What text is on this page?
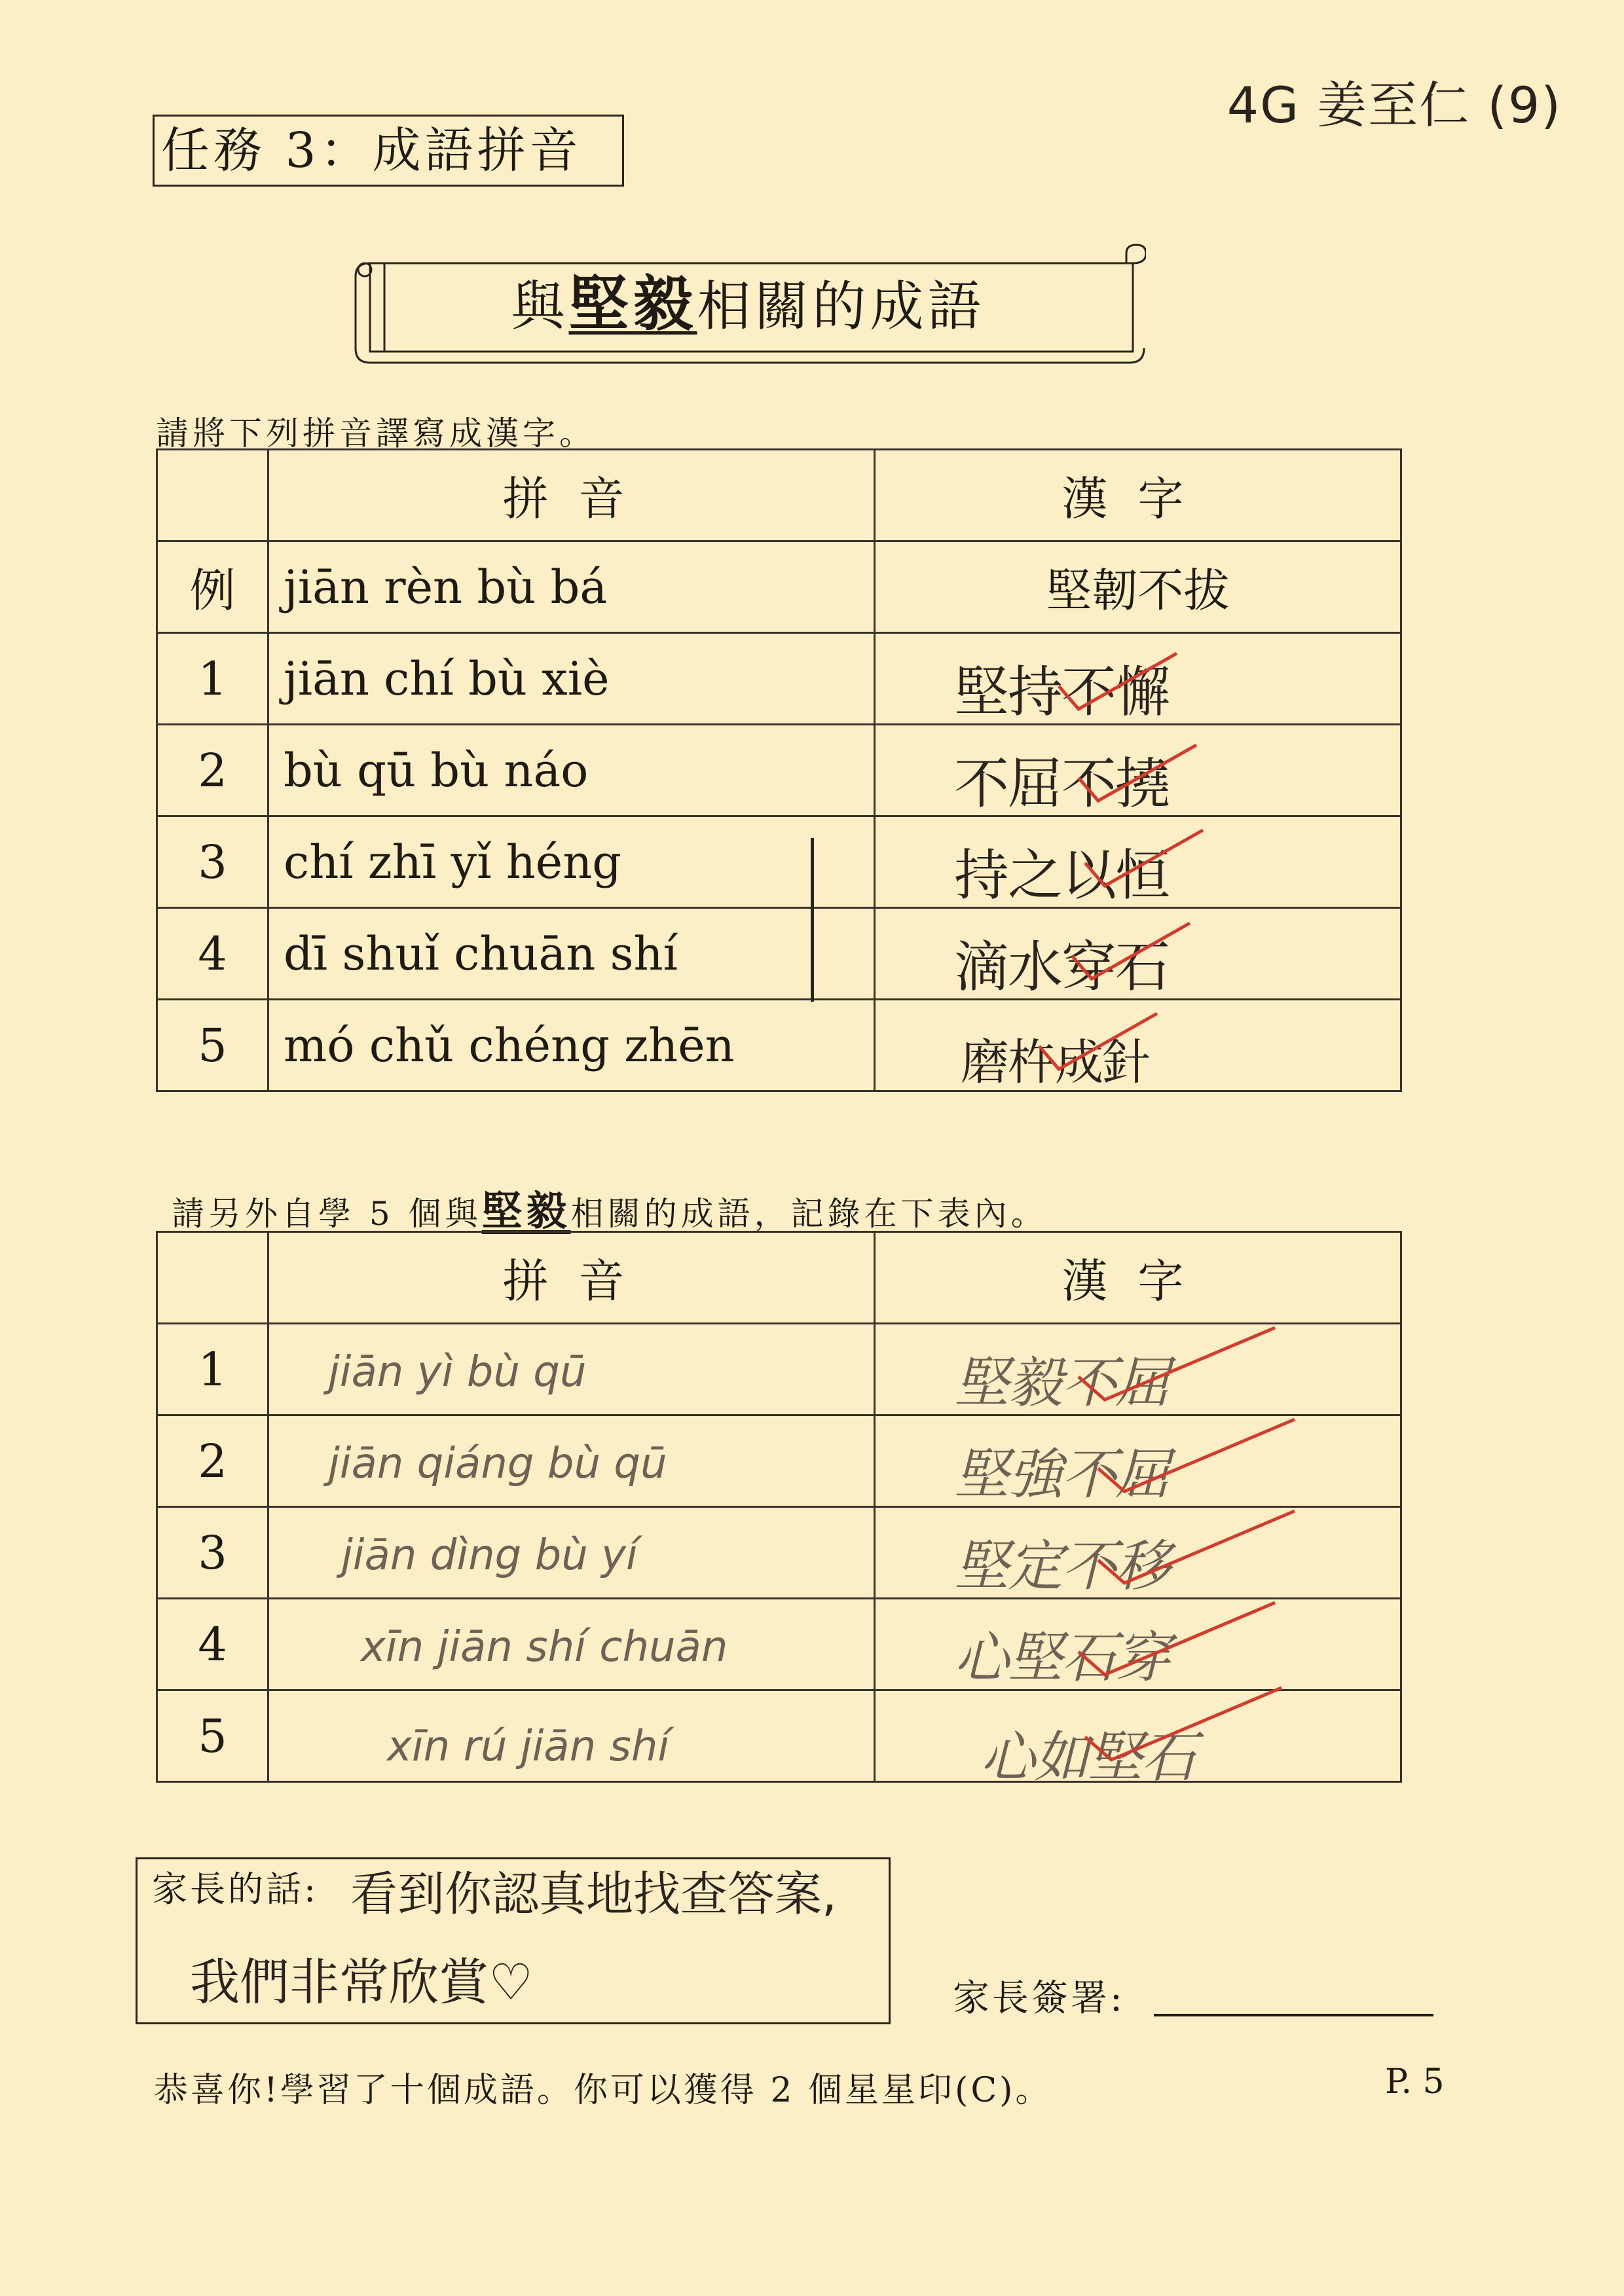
4G 姜至仁 (9)
任務 3：成語拼音
與堅毅相關的成語
請將下列拼音譯寫成漢字。
	拼音	漢字
例	jiān rèn bù bá	堅韌不拔
1	jiān chí bù xiè	堅持不懈

2	bù qū bù náo	不屈不撓

3	chí zhī yǐ héng	持之以恒

4	dī shuǐ chuān shí	滴水穿石

5	mó chǔ chéng zhēn	磨杵成針
請另外自學 5 個與堅毅相關的成語，記錄在下表內。
	拼音	漢字
1	jiān yì bù qū	堅毅不屈

2	jiān qiáng bù qū	堅強不屈

3	jiān dìng bù yí	堅定不移

4	xīn jiān shí chuān	心堅石穿

5	xīn rú jiān shí	心如堅石
家長的話: 看到你認真地找查答案,
我們非常欣賞♡	家長簽署:
恭喜你!學習了十個成語。你可以獲得 2 個星星印(C)。	P. 5
